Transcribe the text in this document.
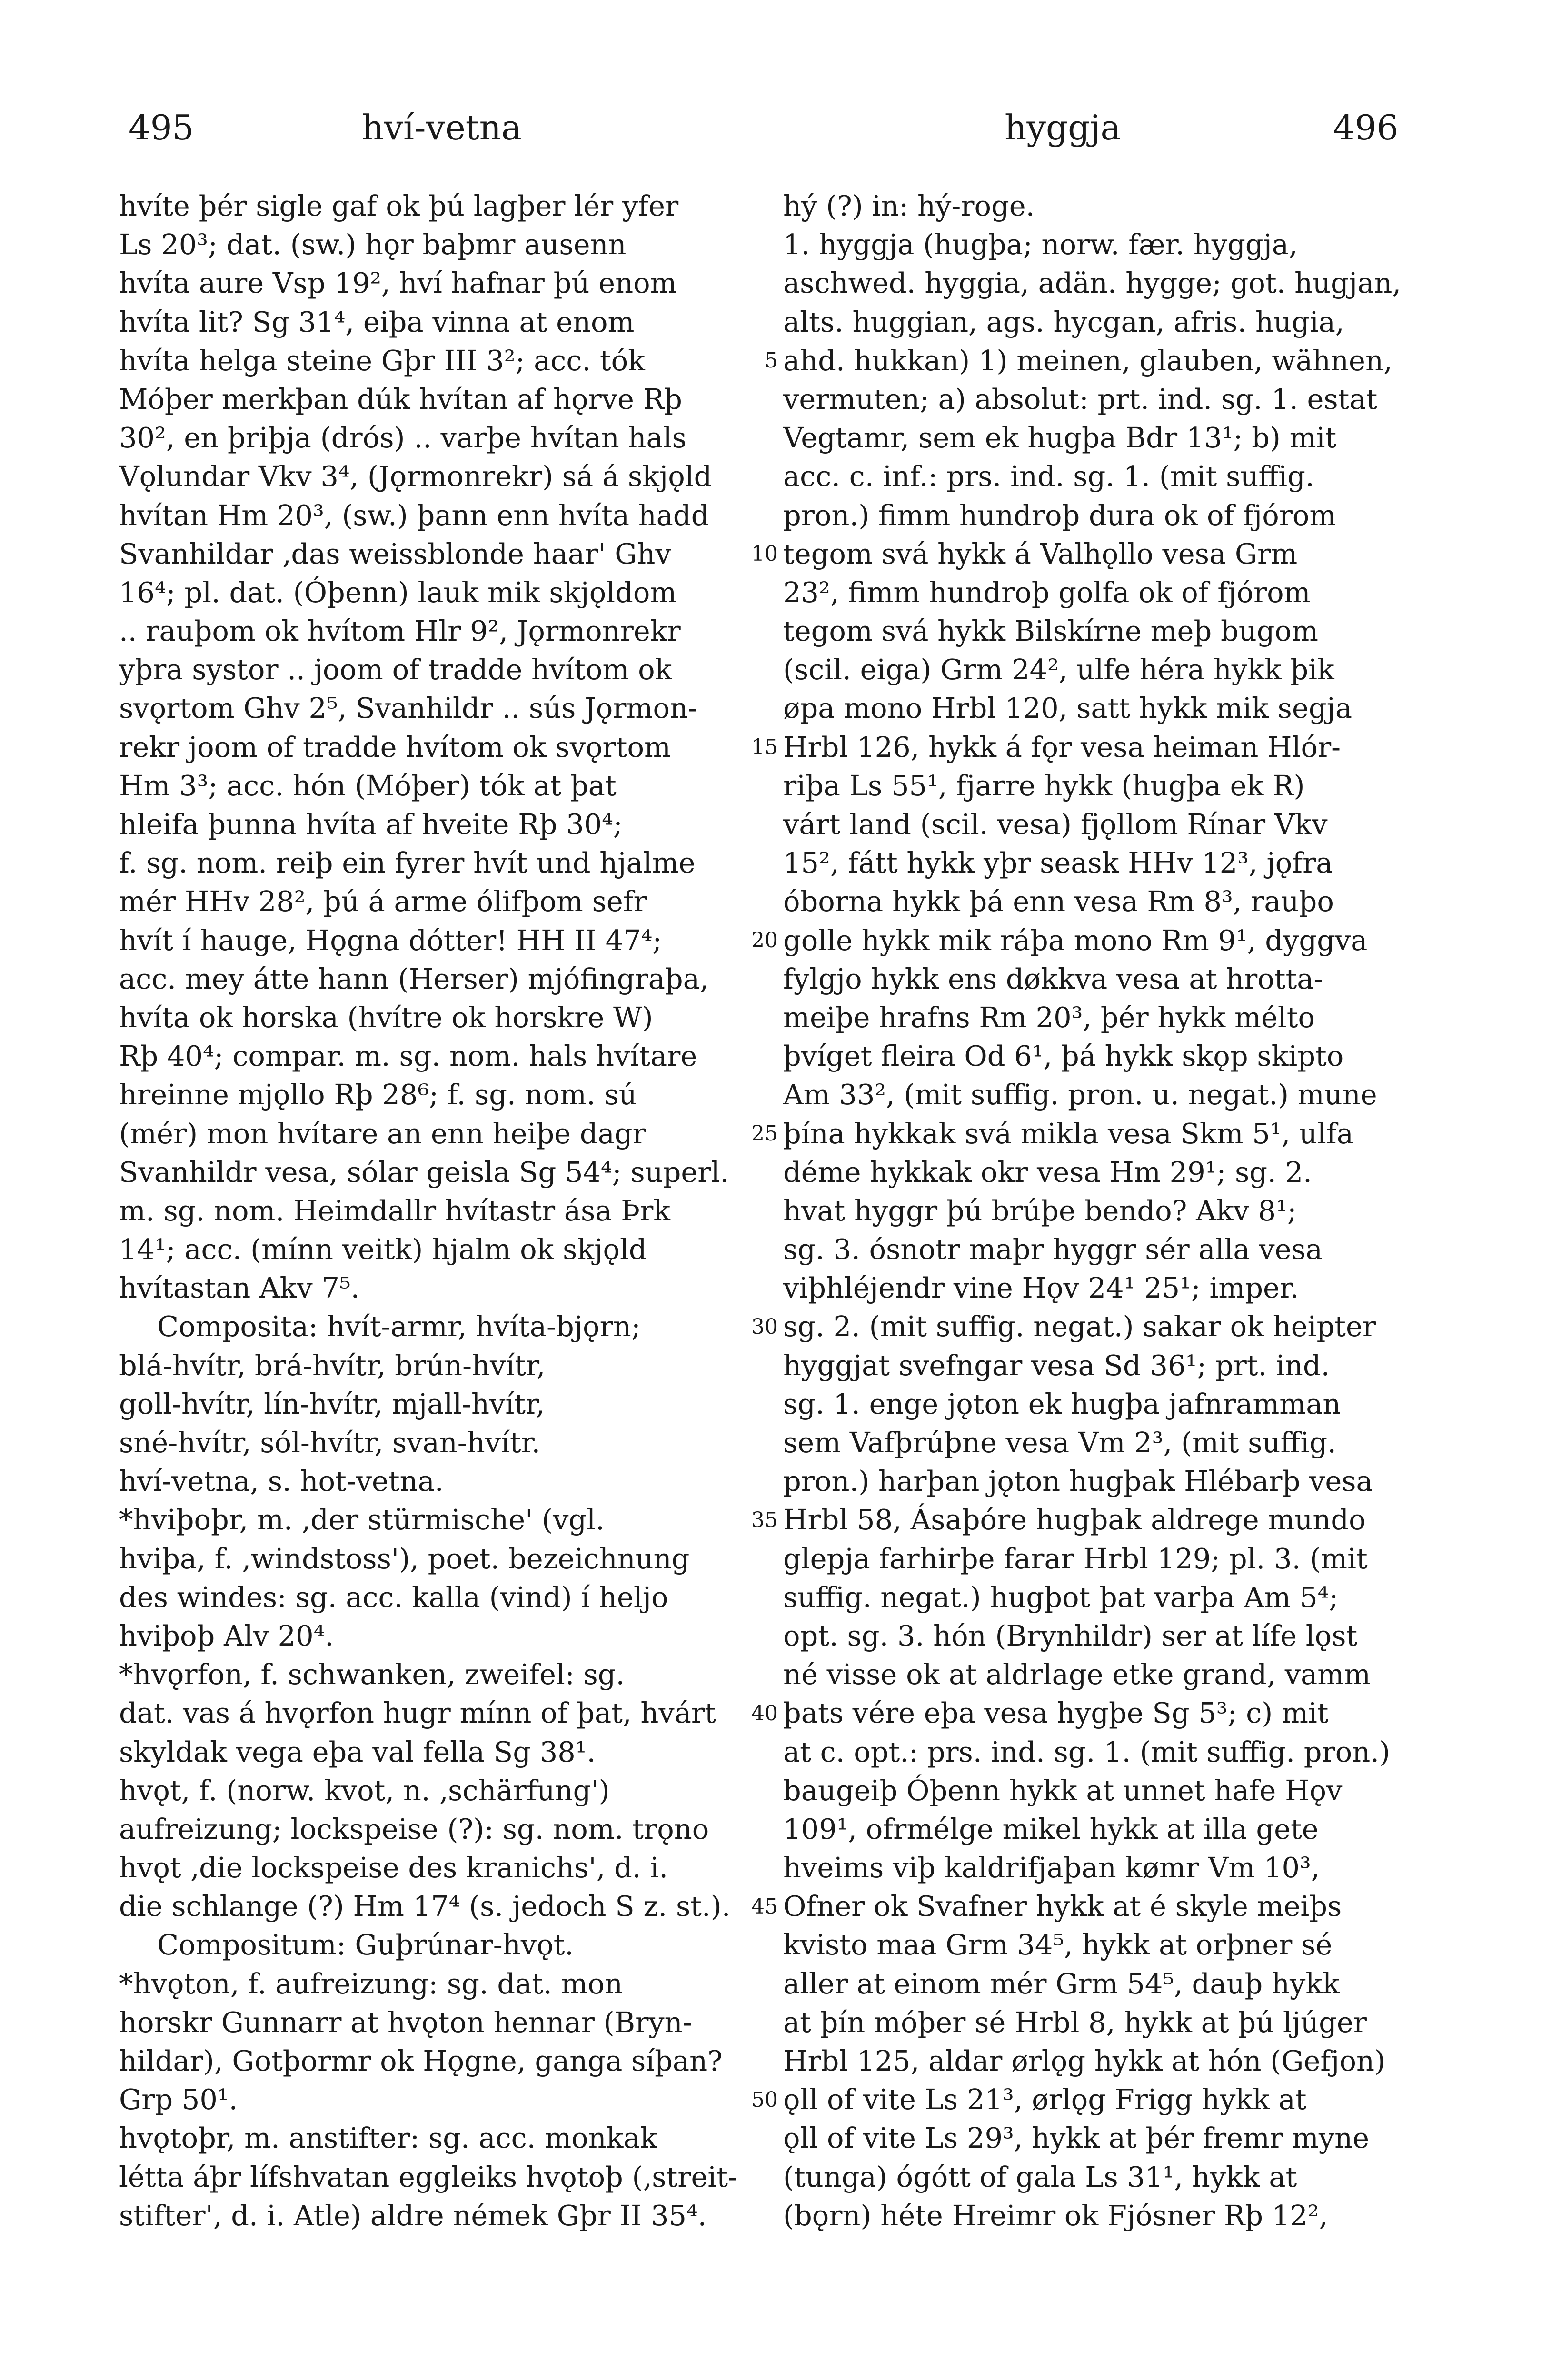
495	hví-vetna	hyggja	496
hvíte þér sigle gaf ok þú lagþer lér yfer
Ls 20³; dat. (sw.) hǫr baþmr ausenn
hvíta aure Vsp 19², hví hafnar þú enom
hvíta lit? Sg 31⁴, eiþa vinna at enom
hvíta helga steine Gþr III 3²; acc. tók
Móþer merkþan dúk hvítan af hǫrve Rþ
30², en þriþja (drós) .. varþe hvítan hals
Vǫlundar Vkv 3⁴, (Jǫrmonrekr) sá á skjǫld
hvítan Hm 20³, (sw.) þann enn hvíta hadd
Svanhildar ‚das weissblonde haar' Ghv
16⁴; pl. dat. (Óþenn) lauk mik skjǫldom
.. rauþom ok hvítom Hlr 9², Jǫrmonrekr
yþra systor .. joom of tradde hvítom ok
svǫrtom Ghv 2⁵, Svanhildr .. sús Jǫrmon-
rekr joom of tradde hvítom ok svǫrtom
Hm 3³; acc. hón (Móþer) tók at þat
hleifa þunna hvíta af hveite Rþ 30⁴;
f. sg. nom. reiþ ein fyrer hvít und hjalme
mér HHv 28², þú á arme ólifþom sefr
hvít í hauge, Hǫgna dótter! HH II 47⁴;
acc. mey átte hann (Herser) mjófingraþa,
hvíta ok horska (hvítre ok horskre W)
Rþ 40⁴; compar. m. sg. nom. hals hvítare
hreinne mjǫllo Rþ 28⁶; f. sg. nom. sú
(mér) mon hvítare an enn heiþe dagr
Svanhildr vesa, sólar geisla Sg 54⁴; superl.
m. sg. nom. Heimdallr hvítastr ása Þrk
14¹; acc. (mínn veitk) hjalm ok skjǫld
hvítastan Akv 7⁵.
Composita: hvít-armr, hvíta-bjǫrn;
blá-hvítr, brá-hvítr, brún-hvítr,
goll-hvítr, lín-hvítr, mjall-hvítr,
sné-hvítr, sól-hvítr, svan-hvítr.
hví-vetna, s. hot-vetna.
*hviþoþr, m. ‚der stürmische' (vgl.
hviþa, f. ‚windstoss'), poet. bezeichnung
des windes: sg. acc. kalla (vind) í heljo
hviþoþ Alv 20⁴.
*hvǫrfon, f. schwanken, zweifel: sg.
dat. vas á hvǫrfon hugr mínn of þat, hvárt
skyldak vega eþa val fella Sg 38¹.
hvǫt, f. (norw. kvot, n. ‚schärfung')
aufreizung; lockspeise (?): sg. nom. trǫno
hvǫt ‚die lockspeise des kranichs', d. i.
die schlange (?) Hm 17⁴ (s. jedoch S z. st.).
Compositum: Guþrúnar-hvǫt.
*hvǫton, f. aufreizung: sg. dat. mon
horskr Gunnarr at hvǫton hennar (Bryn-
hildar), Gotþormr ok Hǫgne, ganga síþan?
Grp 50¹.
hvǫtoþr, m. anstifter: sg. acc. monkak
létta áþr lífshvatan eggleiks hvǫtoþ (‚streit-
stifter', d. i. Atle) aldre némek Gþr II 35⁴.
5
10
15
20
25
30
35
40
45
50
hý (?) in: hý-roge.
1. hyggja (hugþa; norw. fær. hyggja,
aschwed. hyggia, adän. hygge; got. hugjan,
alts. huggian, ags. hycgan, afris. hugia,
ahd. hukkan) 1) meinen, glauben, wähnen,
vermuten; a) absolut: prt. ind. sg. 1. estat
Vegtamr, sem ek hugþa Bdr 13¹; b) mit
acc. c. inf.: prs. ind. sg. 1. (mit suffig.
pron.) fimm hundroþ dura ok of fjórom
tegom svá hykk á Valhǫllo vesa Grm
23², fimm hundroþ golfa ok of fjórom
tegom svá hykk Bilskírne meþ bugom
(scil. eiga) Grm 24², ulfe héra hykk þik
øpa mono Hrbl 120, satt hykk mik segja
Hrbl 126, hykk á fǫr vesa heiman Hlór-
riþa Ls 55¹, fjarre hykk (hugþa ek R)
várt land (scil. vesa) fjǫllom Rínar Vkv
15², fátt hykk yþr seask HHv 12³, jǫfra
óborna hykk þá enn vesa Rm 8³, rauþo
golle hykk mik ráþa mono Rm 9¹, dyggva
fylgjo hykk ens døkkva vesa at hrotta-
meiþe hrafns Rm 20³, þér hykk mélto
þvíget fleira Od 6¹, þá hykk skǫp skipto
Am 33², (mit suffig. pron. u. negat.) mune
þína hykkak svá mikla vesa Skm 5¹, ulfa
déme hykkak okr vesa Hm 29¹; sg. 2.
hvat hyggr þú brúþe bendo? Akv 8¹;
sg. 3. ósnotr maþr hyggr sér alla vesa
viþhléjendr vine Hǫv 24¹ 25¹; imper.
sg. 2. (mit suffig. negat.) sakar ok heipter
hyggjat svefngar vesa Sd 36¹; prt. ind.
sg. 1. enge jǫton ek hugþa jafnramman
sem Vafþrúþne vesa Vm 2³, (mit suffig.
pron.) harþan jǫton hugþak Hlébarþ vesa
Hrbl 58, Ásaþóre hugþak aldrege mundo
glepja farhirþe farar Hrbl 129; pl. 3. (mit
suffig. negat.) hugþot þat varþa Am 5⁴;
opt. sg. 3. hón (Brynhildr) ser at lífe lǫst
né visse ok at aldrlage etke grand, vamm
þats vére eþa vesa hygþe Sg 5³; c) mit
at c. opt.: prs. ind. sg. 1. (mit suffig. pron.)
baugeiþ Óþenn hykk at unnet hafe Hǫv
109¹, ofrmélge mikel hykk at illa gete
hveims viþ kaldrifjaþan kømr Vm 10³,
Ofner ok Svafner hykk at é skyle meiþs
kvisto maa Grm 34⁵, hykk at orþner sé
aller at einom mér Grm 54⁵, dauþ hykk
at þín móþer sé Hrbl 8, hykk at þú ljúger
Hrbl 125, aldar ørlǫg hykk at hón (Gefjon)
ǫll of vite Ls 21³, ørlǫg Frigg hykk at
ǫll of vite Ls 29³, hykk at þér fremr myne
(tunga) ógótt of gala Ls 31¹, hykk at
(bǫrn) héte Hreimr ok Fjósner Rþ 12²,
